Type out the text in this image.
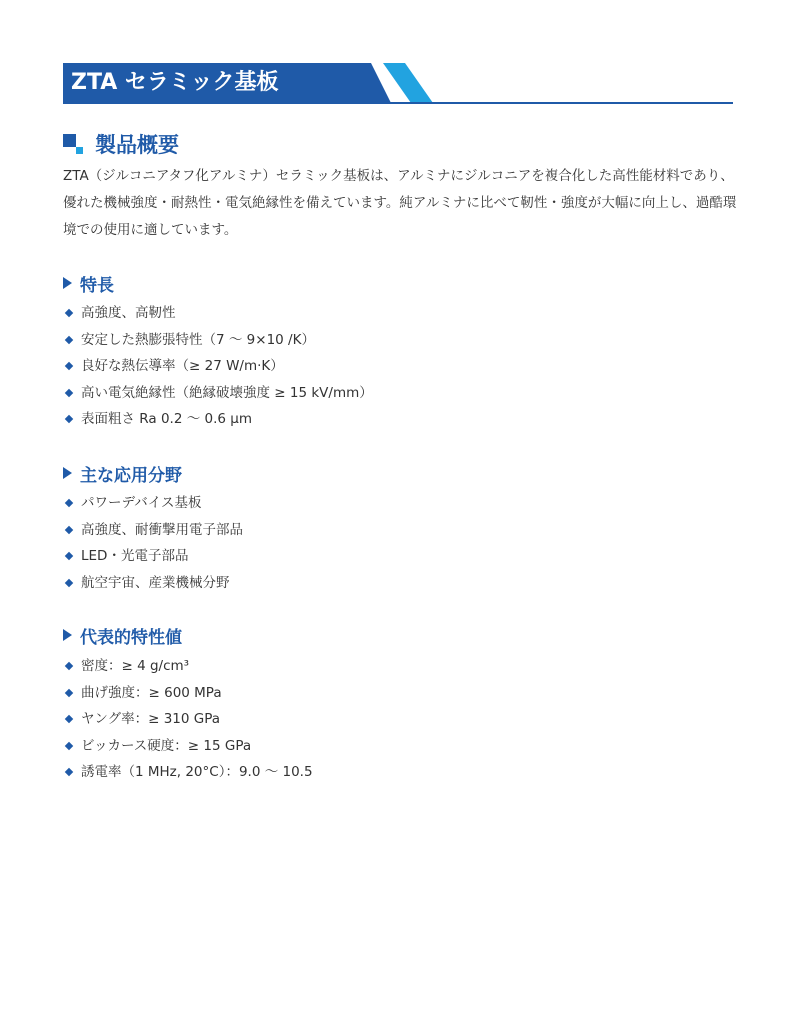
ZTA セラミック基板
製品概要
ZTA（ジルコニアタフ化アルミナ）セラミック基板は、アルミナにジルコニアを複合化した高性能材料であり、優れた機械強度・耐熱性・電気絶縁性を備えています。純アルミナに比べて靭性・強度が大幅に向上し、過酷環境での使用に適しています。
特長
高強度、高靭性
安定した熱膨張特性（7 ～ 9×10 /K）
良好な熱伝導率（≥ 27 W/m·K）
高い電気絶縁性（絶縁破壊強度 ≥ 15 kV/mm）
表面粗さ Ra 0.2 ～ 0.6 µm
主な応用分野
パワーデバイス基板
高強度、耐衝撃用電子部品
LED・光電子部品
航空宇宙、産業機械分野
代表的特性値
密度：≥ 4 g/cm³
曲げ強度：≥ 600 MPa
ヤング率：≥ 310 GPa
ビッカース硬度：≥ 15 GPa
誘電率（1 MHz, 20°C）：9.0 ～ 10.5
